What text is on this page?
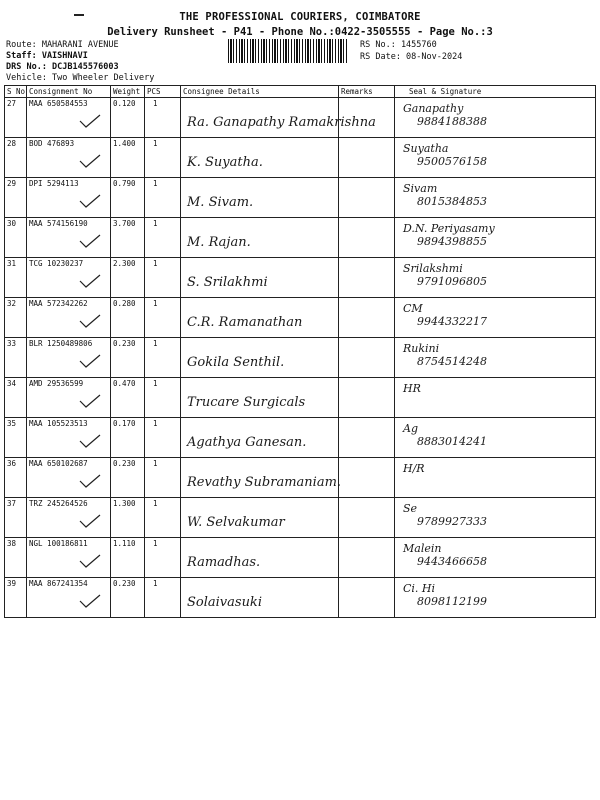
THE PROFESSIONAL COURIERS, COIMBATORE
Delivery Runsheet - P41 - Phone No.:0422-3505555 - Page No.:3
Route: MAHARANI AVENUE
Staff: VAISHNAVI
DRS No.: DCJB145576003
Vehicle: Two Wheeler Delivery
RS No.: 1455760
RS Date: 08-Nov-2024
S No	Consignment No	Weight	PCS	Consignee Details	Remarks	Seal & Signature
27	MAA 650584553	0.120	1	Ra. Ganapathy Ramakrishna		Ganapathy
9884188388

28	BOD 476893	1.400	1	K. Suyatha.		Suyatha
9500576158

29	DPI 5294113	0.790	1	M. Sivam.		Sivam
8015384853

30	MAA 574156190	3.700	1	M. Rajan.		D.N. Periyasamy
9894398855

31	TCG 10230237	2.300	1	S. Srilakhmi		Srilakshmi
9791096805

32	MAA 572342262	0.280	1	C.R. Ramanathan		CM
9944332217

33	BLR 1250489806	0.230	1	Gokila Senthil.		Rukini
8754514248

34	AMD 29536599	0.470	1	Trucare Surgicals		HR

35	MAA 105523513	0.170	1	Agathya Ganesan.		Ag
8883014241

36	MAA 650102687	0.230	1	Revathy Subramaniam.		H/R

37	TRZ 245264526	1.300	1	W. Selvakumar		Se
9789927333

38	NGL 100186811	1.110	1	Ramadhas.		Malein
9443466658

39	MAA 867241354	0.230	1	Solaivasuki		Ci. Hi
8098112199
